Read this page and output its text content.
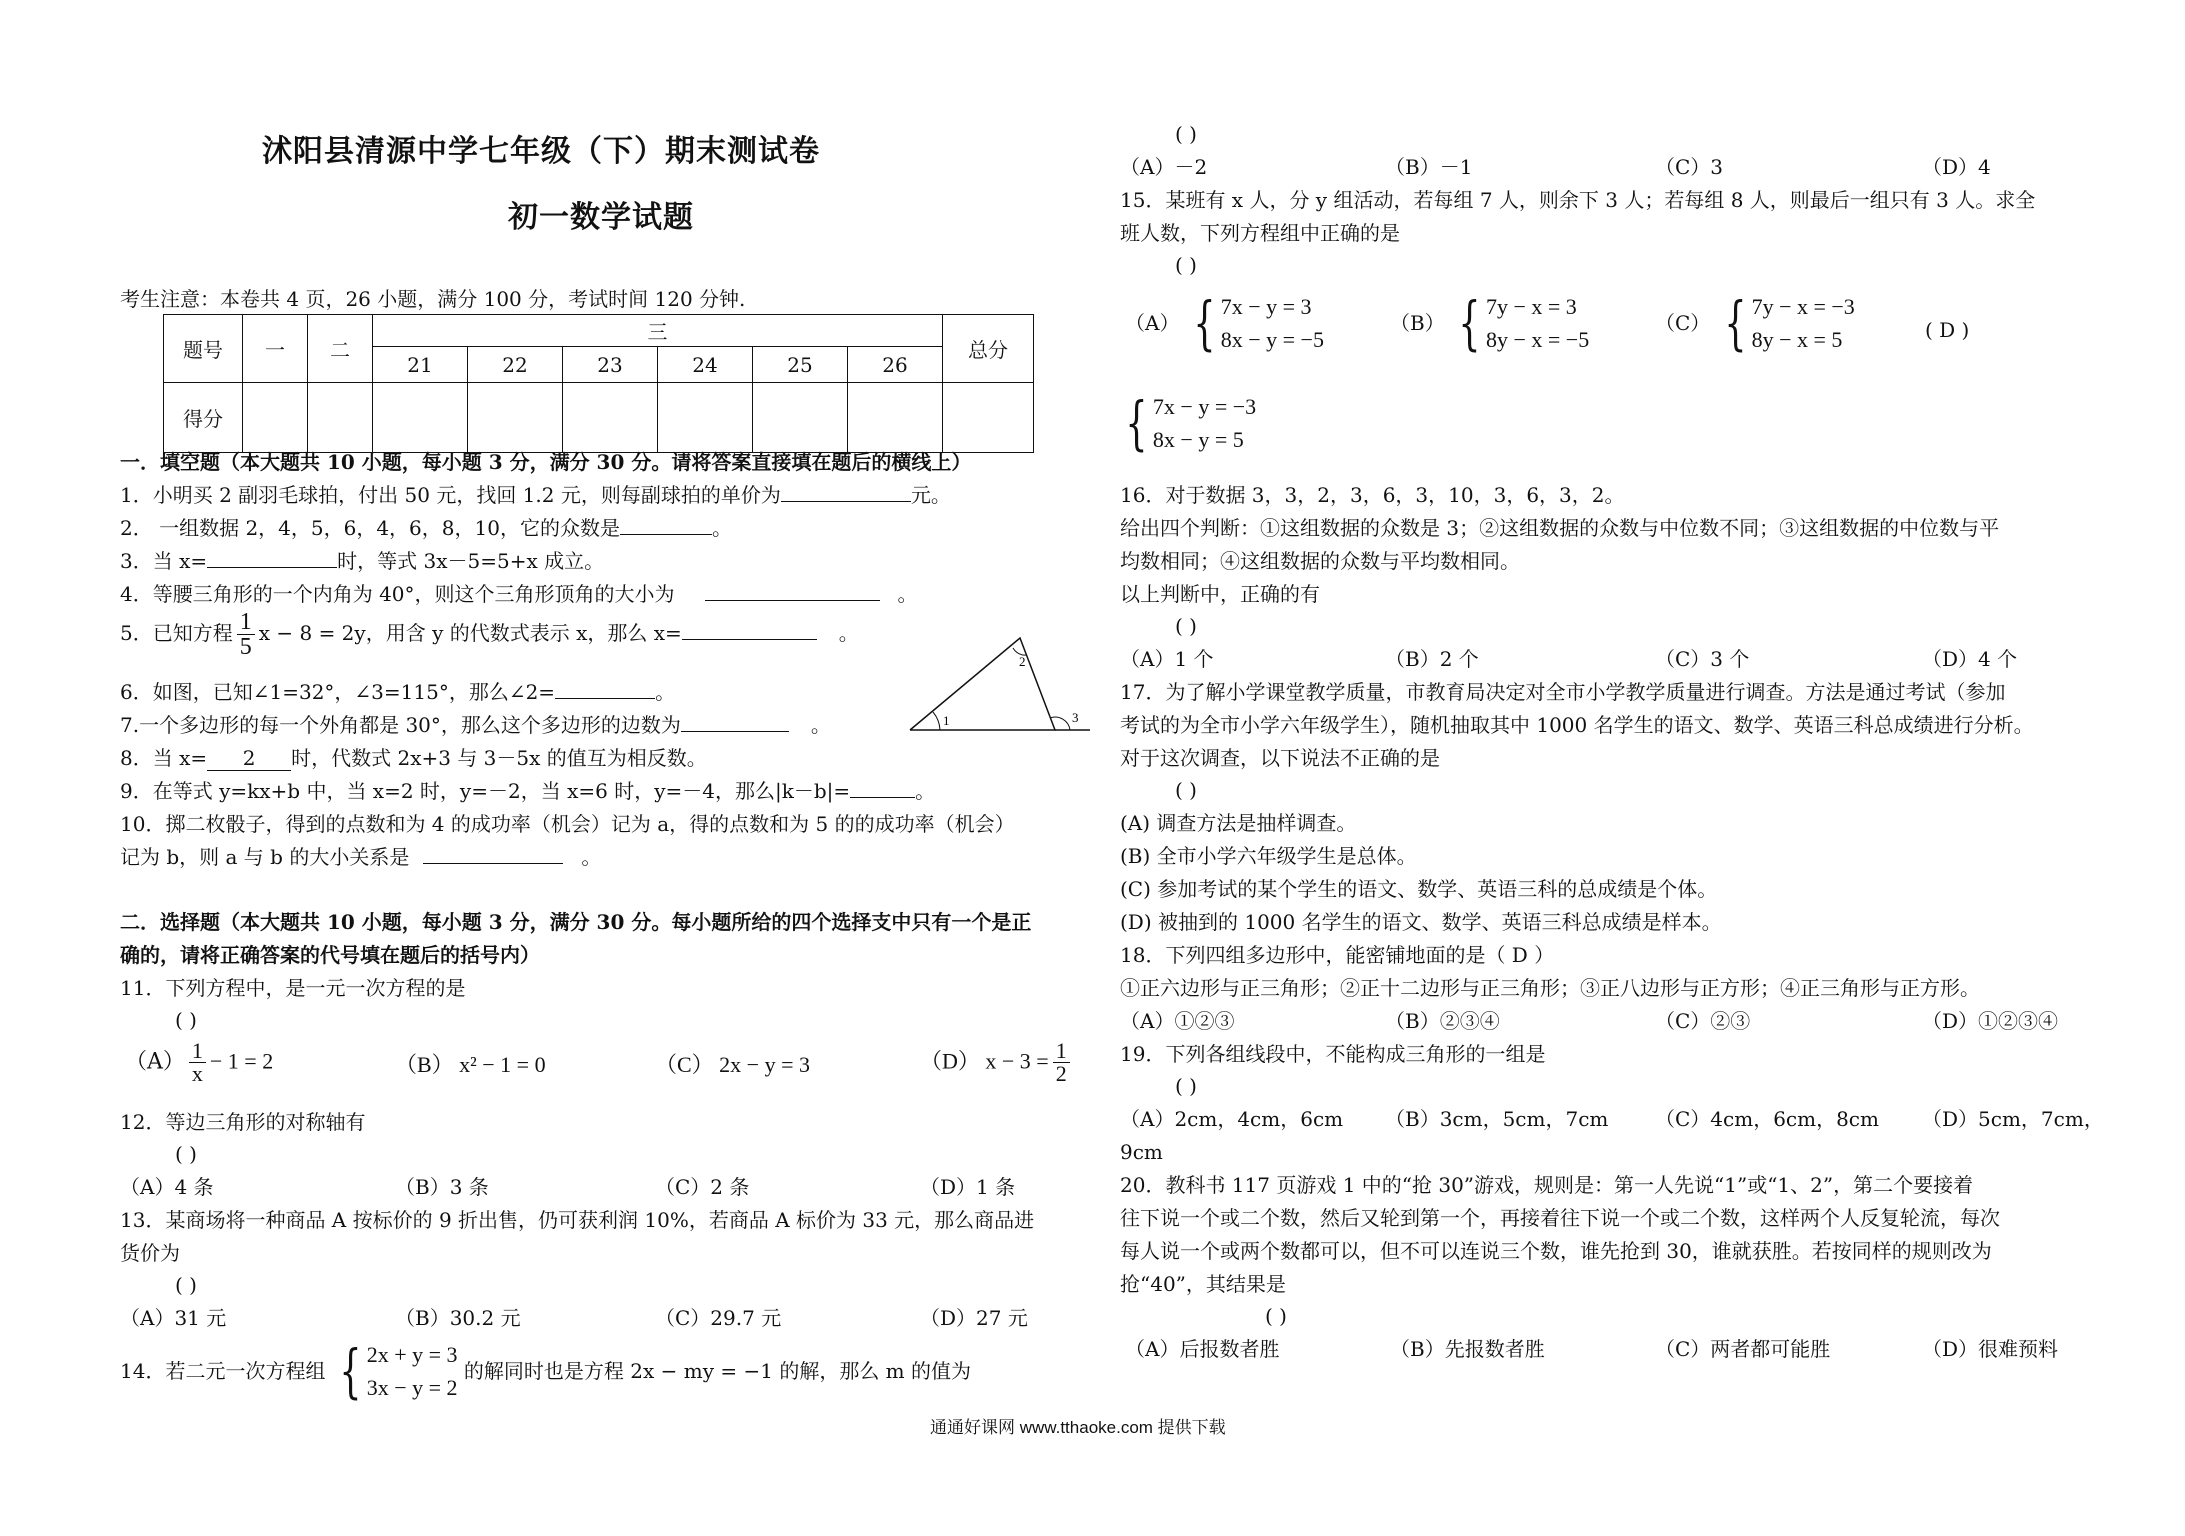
沭阳县清源中学七年级（下）期末测试卷
初一数学试题
考生注意：本卷共 4 页，26 小题，满分 100 分，考试时间 120 分钟.
题号	一	二	三						总分
			21	22	23	24	25	26	
得分									
一．填空题（本大题共 10 小题，每小题 3 分，满分 30 分。请将答案直接填在题后的横线上）
1．小明买 2 副羽毛球拍，付出 50 元，找回 1.2 元，则每副球拍的单价为	元。
2． 一组数据 2，4，5，6，4，6，8，10，它的众数是	。
3．当 x=	时，等式 3x－5=5+x 成立。
4．等腰三角形的一个内角为 40°，则这个三角形顶角的大小为	。
5．已知方程 $\frac{1}{5}$ x − 8 = 2y，用含 y 的代数式表示 x，那么 x=	。
6．如图，已知∠1=32°，∠3=115°，那么∠2=	。
7.一个多边形的每一个外角都是 30°，那么这个多边形的边数为	。
8．当 x= 2 时，代数式 2x+3 与 3－5x 的值互为相反数。
9．在等式 y=kx+b 中，当 x=2 时，y=－2，当 x=6 时，y=－4，那么|k－b|=	。
10．掷二枚骰子，得到的点数和为 4 的成功率（机会）记为 a，得的点数和为 5 的的成功率（机会）
记为 b，则 a 与 b 的大小关系是	。
1
2
3
二．选择题（本大题共 10 小题，每小题 3 分，满分 30 分。每小题所给的四个选择支中只有一个是正
确的，请将正确答案的代号填在题后的括号内）
11．下列方程中，是一元一次方程的是
( )
$(A) \frac{1}{x} - 1 = 2$	（B） x² − 1 = 0	（C） 2x − y = 3	（D） $x - 3 = \frac{1}{2}$
12．等边三角形的对称轴有
( )
（A）4 条	（B）3 条	（C）2 条	（D）1 条
13．某商场将一种商品 A 按标价的 9 折出售，仍可获利润 10%，若商品 A 标价为 33 元，那么商品进
货价为
( )
（A）31 元	（B）30.2 元	（C）29.7 元	（D）27 元
14．若二元一次方程组 { 2x + y = 3
3x − y = 2
的解同时也是方程 2x − my = −1 的解，那么 m 的值为
( )
（A）－2	（B）－1	（C）3	（D）4
15．某班有 x 人，分 y 组活动，若每组 7 人，则余下 3 人；若每组 8 人，则最后一组只有 3 人。求全
班人数，下列方程组中正确的是
( )
（A） { 7x − y = 3
8x − y = −5
（B） { 7y − x = 3
8y − x = −5
（C） { 7y − x = −3
8y − x = 5	( D )
{ 7x − y = −3
8x − y = 5
16．对于数据 3，3，2，3，6，3，10，3，6，3，2。
给出四个判断：①这组数据的众数是 3；②这组数据的众数与中位数不同；③这组数据的中位数与平
均数相同；④这组数据的众数与平均数相同。
以上判断中，正确的有
( )
（A）1 个	（B）2 个	（C）3 个	（D）4 个
17．为了解小学课堂教学质量，市教育局决定对全市小学教学质量进行调查。方法是通过考试（参加
考试的为全市小学六年级学生），随机抽取其中 1000 名学生的语文、数学、英语三科总成绩进行分析。
对于这次调查，以下说法不正确的是
( )
(A) 调查方法是抽样调查。
(B) 全市小学六年级学生是总体。
(C) 参加考试的某个学生的语文、数学、英语三科的总成绩是个体。
(D) 被抽到的 1000 名学生的语文、数学、英语三科总成绩是样本。
18．下列四组多边形中，能密铺地面的是（ D ）
①正六边形与正三角形；②正十二边形与正三角形；③正八边形与正方形；④正三角形与正方形。
（A）①②③	（B）②③④	（C）②③	（D）①②③④
19．下列各组线段中，不能构成三角形的一组是
( )
（A）2cm，4cm，6cm （B）3cm，5cm，7cm （C）4cm，6cm，8cm （D）5cm，7cm，
9cm
20．教科书 117 页游戏 1 中的“抢 30”游戏，规则是：第一人先说“1”或“1、2”，第二个要接着
往下说一个或二个数，然后又轮到第一个，再接着往下说一个或二个数，这样两个人反复轮流，每次
每人说一个或两个数都可以，但不可以连说三个数，谁先抢到 30，谁就获胜。若按同样的规则改为
抢“40”，其结果是
( )
（A）后报数者胜	（B）先报数者胜	（C）两者都可能胜	（D）很难预料
通通好课网 www.tthaoke.com 提供下载
